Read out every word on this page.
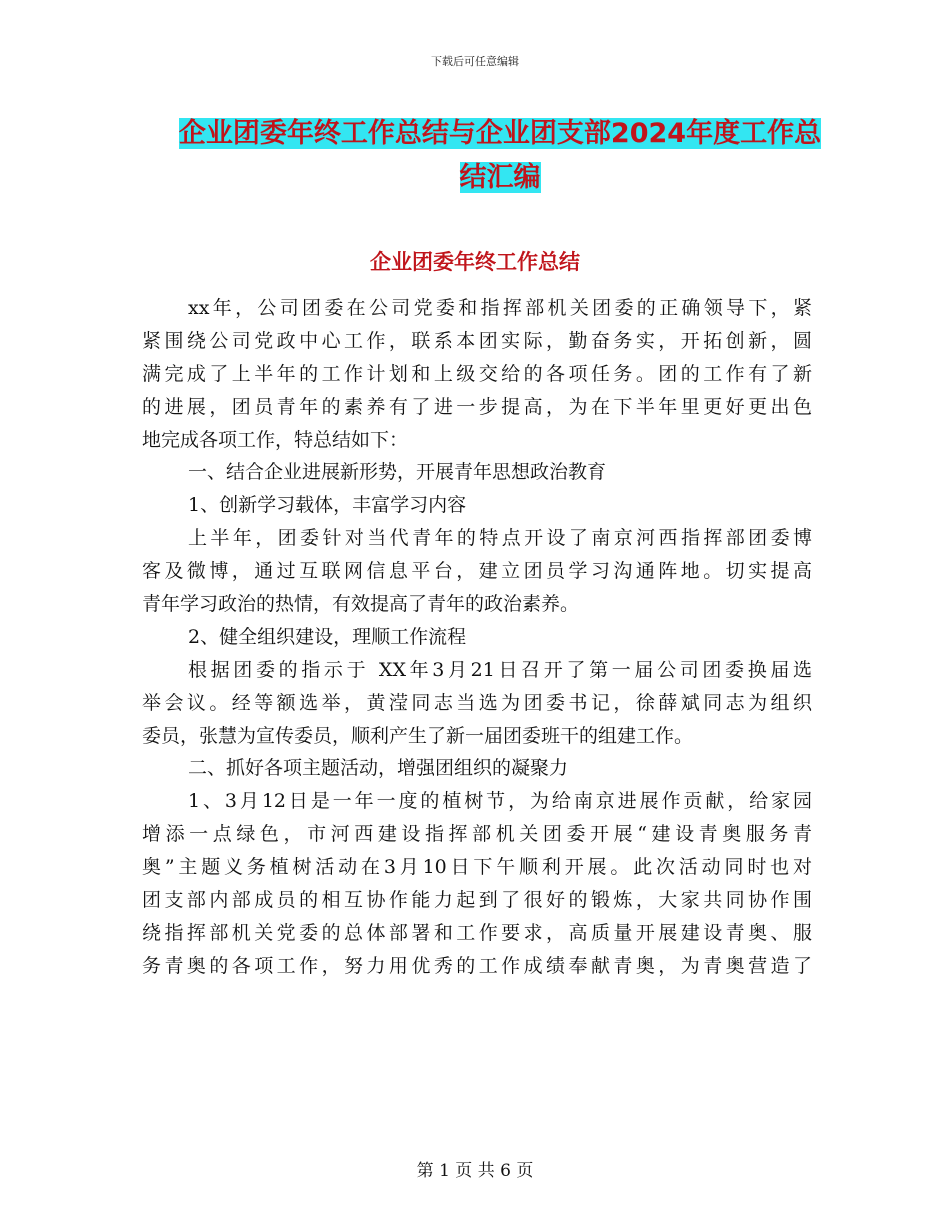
下载后可任意编辑
企业团委年终工作总结与企业团支部2024年度工作总
结汇编
企业团委年终工作总结
xx年，公司团委在公司党委和指挥部机关团委的正确领导下，紧
紧围绕公司党政中心工作，联系本团实际，勤奋务实，开拓创新，圆
满完成了上半年的工作计划和上级交给的各项任务。团的工作有了新
的进展，团员青年的素养有了进一步提高，为在下半年里更好更出色
地完成各项工作，特总结如下：
一、结合企业进展新形势，开展青年思想政治教育
1、创新学习载体，丰富学习内容
上半年，团委针对当代青年的特点开设了南京河西指挥部团委博
客及微博，通过互联网信息平台，建立团员学习沟通阵地。切实提高
青年学习政治的热情，有效提高了青年的政治素养。
2、健全组织建设，理顺工作流程
根据团委的指示于 XX年3月21日召开了第一届公司团委换届选
举会议。经等额选举，黄滢同志当选为团委书记，徐薛斌同志为组织
委员，张慧为宣传委员，顺利产生了新一届团委班干的组建工作。
二、抓好各项主题活动，增强团组织的凝聚力
1、3月12日是一年一度的植树节，为给南京进展作贡献，给家园
增添一点绿色，市河西建设指挥部机关团委开展“建设青奥服务青
奥”主题义务植树活动在3月10日下午顺利开展。此次活动同时也对
团支部内部成员的相互协作能力起到了很好的锻炼，大家共同协作围
绕指挥部机关党委的总体部署和工作要求，高质量开展建设青奥、服
务青奥的各项工作，努力用优秀的工作成绩奉献青奥，为青奥营造了
第 1 页 共 6 页
